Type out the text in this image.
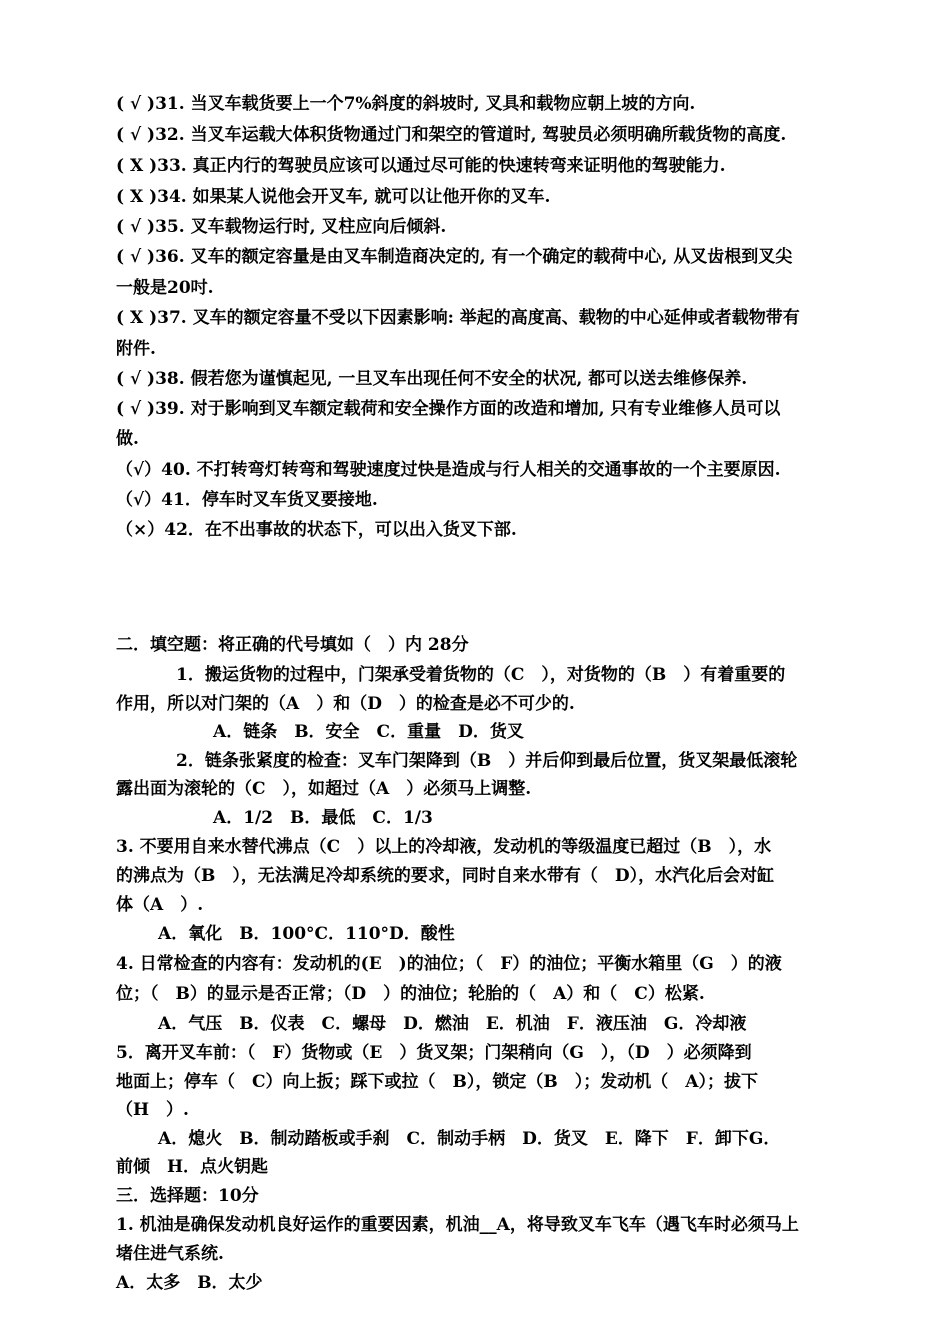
( √ )31. 当叉车载货要上一个7%斜度的斜坡时, 叉具和载物应朝上坡的方向.
( √ )32. 当叉车运载大体积货物通过门和架空的管道时, 驾驶员必须明确所载货物的高度.
( X )33. 真正内行的驾驶员应该可以通过尽可能的快速转弯来证明他的驾驶能力.
( X )34. 如果某人说他会开叉车, 就可以让他开你的叉车.
( √ )35. 叉车载物运行时, 叉柱应向后倾斜.
( √ )36. 叉车的额定容量是由叉车制造商决定的, 有一个确定的载荷中心, 从叉齿根到叉尖
一般是20吋.
( X )37. 叉车的额定容量不受以下因素影响: 举起的高度高、载物的中心延伸或者载物带有
附件.
( √ )38. 假若您为谨慎起见, 一旦叉车出现任何不安全的状况, 都可以送去维修保养.
( √ )39. 对于影响到叉车额定载荷和安全操作方面的改造和增加, 只有专业维修人员可以
做.
（√）40. 不打转弯灯转弯和驾驶速度过快是造成与行人相关的交通事故的一个主要原因.
（√）41．停车时叉车货叉要接地.
（×）42．在不出事故的状态下，可以出入货叉下部.
二．填空题：将正确的代号填如（　）内 28分
1．搬运货物的过程中，门架承受着货物的（C　），对货物的（B　）有着重要的
作用，所以对门架的（A　）和（D　）的检查是必不可少的.
A．链条　B．安全　C．重量　D．货叉
2．链条张紧度的检查：叉车门架降到（B　）并后仰到最后位置，货叉架最低滚轮
露出面为滚轮的（C　），如超过（A　）必须马上调整.
A．1/2　B．最低　C．1/3
3. 不要用自来水替代沸点（C　）以上的冷却液，发动机的等级温度已超过（B　），水
的沸点为（B　），无法满足冷却系统的要求，同时自来水带有（　D），水汽化后会对缸
体（A　）.
A．氧化　B．100°C．110°D．酸性
4. 日常检查的内容有：发动机的(E　)的油位；（　F）的油位；平衡水箱里（G　）的液
位；（　B）的显示是否正常；（D　）的油位；轮胎的（　A）和（　C）松紧.
A．气压　B．仪表　C．螺母　D．燃油　E．机油　F．液压油　G．冷却液
5．离开叉车前：（　F）货物或（E　）货叉架；门架稍向（G　），（D　）必须降到
地面上；停车（　C）向上扳；踩下或拉（　B），锁定（B　）；发动机（　A）；拔下
（H　）.
A．熄火　B．制动踏板或手刹　C．制动手柄　D．货叉　E．降下　F．卸下G．
前倾　H．点火钥匙
三．选择题：10分
1. 机油是确保发动机良好运作的重要因素，机油__A，将导致叉车飞车（遇飞车时必须马上
堵住进气系统.
A．太多　B．太少
